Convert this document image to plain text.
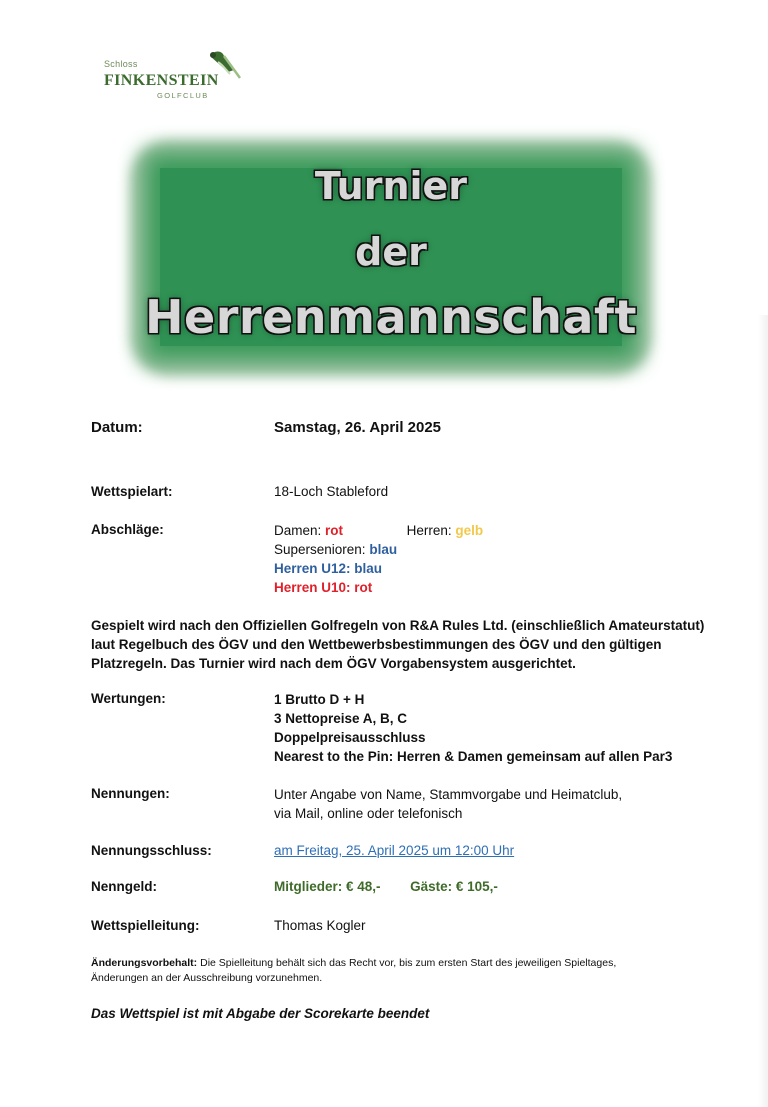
Schloss
FINKENSTEIN
GOLFCLUB
Turnier
der
Herrenmannschaft
Datum:	Samstag, 26. April 2025
Wettspielart:	18-Loch Stableford
Abschläge:	Damen: rot	Herren: gelb
Supersenioren: blau
Herren U12: blau
Herren U10: rot
Gespielt wird nach den Offiziellen Golfregeln von R&A Rules Ltd. (einschließlich Amateurstatut)
laut Regelbuch des ÖGV und den Wettbewerbsbestimmungen des ÖGV und den gültigen
Platzregeln. Das Turnier wird nach dem ÖGV Vorgabensystem ausgerichtet.
Wertungen:	1 Brutto D + H
3 Nettopreise A, B, C
Doppelpreisausschluss
Nearest to the Pin: Herren & Damen gemeinsam auf allen Par3
Nennungen:	Unter Angabe von Name, Stammvorgabe und Heimatclub,
via Mail, online oder telefonisch
Nennungsschluss:	am Freitag, 25. April 2025 um 12:00 Uhr
Nenngeld:	Mitglieder: € 48,- Gäste: € 105,-
Wettspielleitung:	Thomas Kogler
Änderungsvorbehalt: Die Spielleitung behält sich das Recht vor, bis zum ersten Start des jeweiligen Spieltages,
Änderungen an der Ausschreibung vorzunehmen.
Das Wettspiel ist mit Abgabe der Scorekarte beendet
